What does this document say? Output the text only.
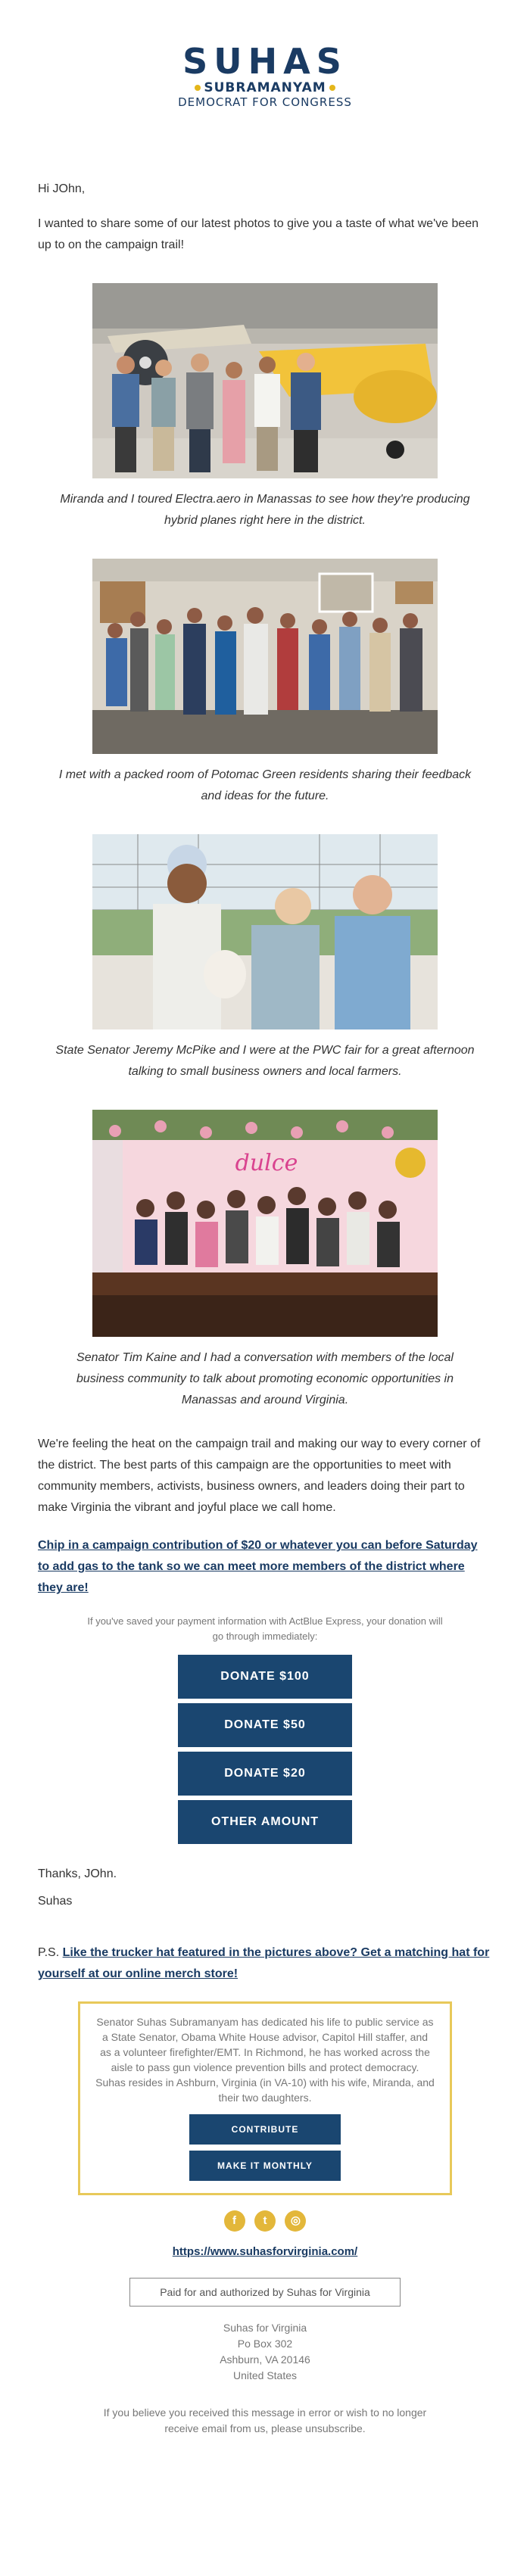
SUHAS
SUBRAMANYAM
DEMOCRAT FOR CONGRESS
Hi JOhn,
I wanted to share some of our latest photos to give you a taste of what we've been up to on the campaign trail!
Miranda and I toured Electra.aero in Manassas to see how they're producing hybrid planes right here in the district.
I met with a packed room of Potomac Green residents sharing their feedback and ideas for the future.
State Senator Jeremy McPike and I were at the PWC fair for a great afternoon talking to small business owners and local farmers.
dulce
Senator Tim Kaine and I had a conversation with members of the local business community to talk about promoting economic opportunities in Manassas and around Virginia.
We're feeling the heat on the campaign trail and making our way to every corner of the district. The best parts of this campaign are the opportunities to meet with community members, activists, business owners, and leaders doing their part to make Virginia the vibrant and joyful place we call home.
Chip in a campaign contribution of $20 or whatever you can before Saturday to add gas to the tank so we can meet more members of the district where they are!
If you've saved your payment information with ActBlue Express, your donation will go through immediately:
DONATE $100
DONATE $50
DONATE $20
OTHER AMOUNT
Thanks, JOhn.
Suhas
P.S. Like the trucker hat featured in the pictures above? Get a matching hat for yourself at our online merch store!
Senator Suhas Subramanyam has dedicated his life to public service as a State Senator, Obama White House advisor, Capitol Hill staffer, and as a volunteer firefighter/EMT. In Richmond, he has worked across the aisle to pass gun violence prevention bills and protect democracy. Suhas resides in Ashburn, Virginia (in VA-10) with his wife, Miranda, and their two daughters.
CONTRIBUTE
MAKE IT MONTHLY
f t ◎
https://www.suhasforvirginia.com/
Paid for and authorized by Suhas for Virginia
Suhas for Virginia
Po Box 302
Ashburn, VA 20146
United States
If you believe you received this message in error or wish to no longer receive email from us, please unsubscribe.
